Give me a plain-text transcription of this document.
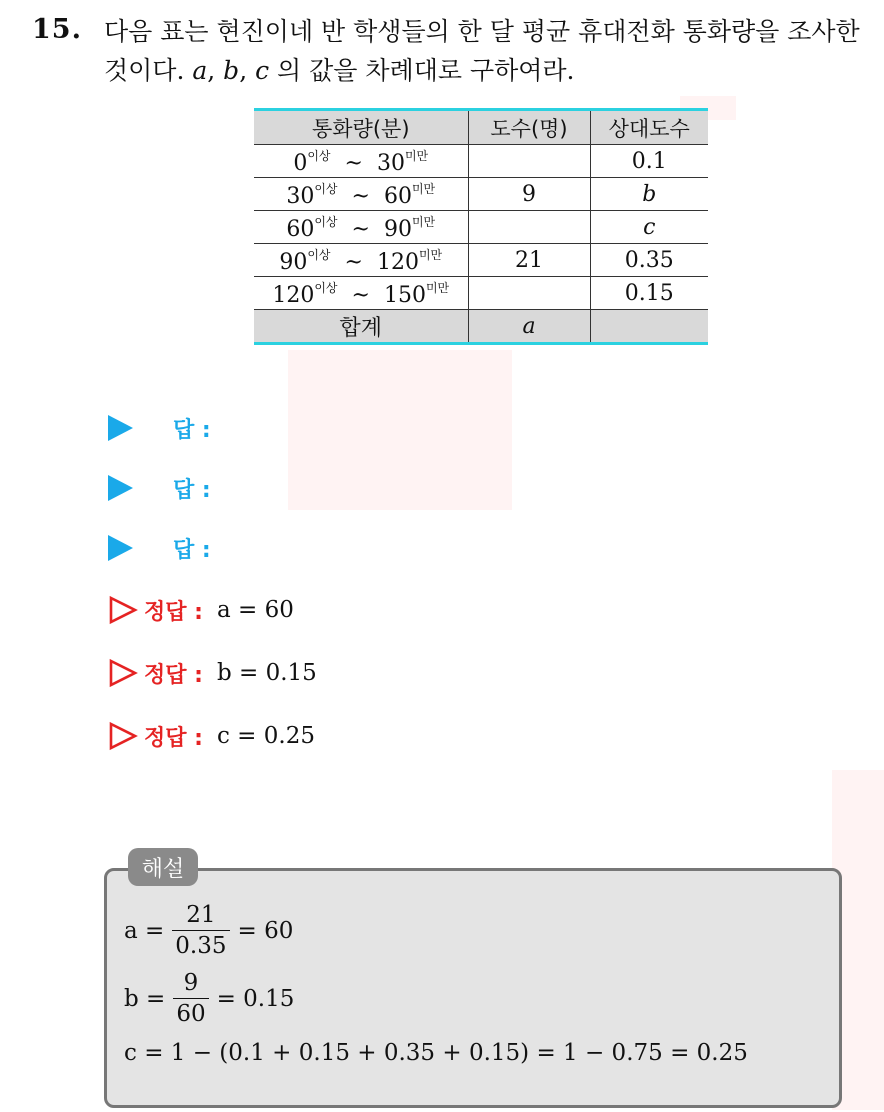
15. 다음 표는 현진이네 반 학생들의 한 달 평균 휴대전화 통화량을 조사한
것이다. a, b, c 의 값을 차례대로 구하여라.
통화량(분)	도수(명)	상대도수
$0^{이상}$ ~ $30^{미만}$		0.1
$30^{이상}$ ~ $60^{미만}$	9	b
$60^{이상}$ ~ $90^{미만}$		c
$90^{이상}$ ~ $120^{미만}$	21	0.35
$120^{이상}$ ~ $150^{미만}$		0.15
합계	a	
답 :
답 :
답 :
정답 : a = 60
정답 : b = 0.15
정답 : c = 0.25
해설
$a = \frac{21}{0.35} = 60$
$b = \frac{9}{60} = 0.15$
c = 1 − (0.1 + 0.15 + 0.35 + 0.15) = 1 − 0.75 = 0.25
